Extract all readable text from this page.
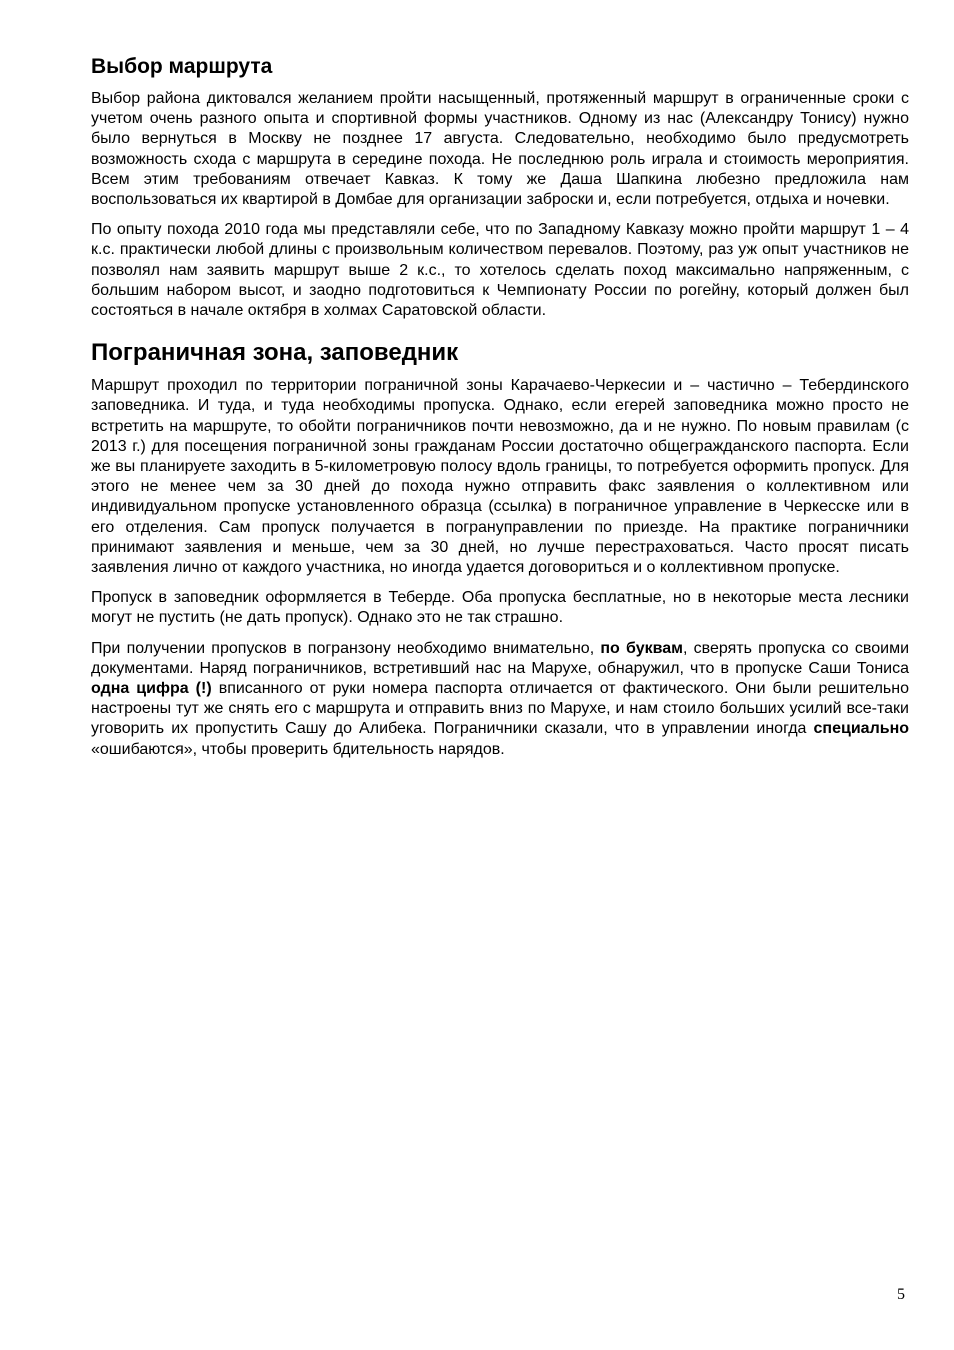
Выбор маршрута

Выбор района диктовался желанием пройти насыщенный, протяженный маршрут в ограниченные сроки с учетом очень разного опыта и спортивной формы участников. Одному из нас (Александру Тонису) нужно было вернуться в Москву не позднее 17 августа. Следовательно, необходимо было предусмотреть возможность схода с маршрута в середине похода. Не последнюю роль играла и стоимость мероприятия. Всем этим требованиям отвечает Кавказ. К тому же Даша Шапкина любезно предложила нам воспользоваться их квартирой в Домбае для организации заброски и, если потребуется, отдыха и ночевки.

По опыту похода 2010 года мы представляли себе, что по Западному Кавказу можно пройти маршрут 1 – 4 к.с. практически любой длины с произвольным количеством перевалов. Поэтому, раз уж опыт участников не позволял нам заявить маршрут выше 2 к.с., то хотелось сделать поход максимально напряженным, с большим набором высот, и заодно подготовиться к Чемпионату России по рогейну, который должен был состояться в начале октября в холмах Саратовской области.

Пограничная зона, заповедник

Маршрут проходил по территории пограничной зоны Карачаево-Черкесии и – частично – Тебердинского заповедника. И туда, и туда необходимы пропуска. Однако, если егерей заповедника можно просто не встретить на маршруте, то обойти пограничников почти невозможно, да и не нужно. По новым правилам (с 2013 г.) для посещения пограничной зоны гражданам России достаточно общегражданского паспорта. Если же вы планируете заходить в 5-километровую полосу вдоль границы, то потребуется оформить пропуск. Для этого не менее чем за 30 дней до похода нужно отправить факс заявления о коллективном или индивидуальном пропуске установленного образца (ссылка) в пограничное управление в Черкесске или в его отделения. Сам пропуск получается в погрануправлении по приезде. На практике пограничники принимают заявления и меньше, чем за 30 дней, но лучше перестраховаться. Часто просят писать заявления лично от каждого участника, но иногда удается договориться и о коллективном пропуске.

Пропуск в заповедник оформляется в Теберде. Оба пропуска бесплатные, но в некоторые места лесники могут не пустить (не дать пропуск). Однако это не так страшно.

При получении пропусков в погранзону необходимо внимательно, по буквам, сверять пропуска со своими документами. Наряд пограничников, встретивший нас на Марухе, обнаружил, что в пропуске Саши Тониса одна цифра (!) вписанного от руки номера паспорта отличается от фактического. Они были решительно настроены тут же снять его с маршрута и отправить вниз по Марухе, и нам стоило больших усилий все-таки уговорить их пропустить Сашу до Алибека. Пограничники сказали, что в управлении иногда специально «ошибаются», чтобы проверить бдительность нарядов.

5
